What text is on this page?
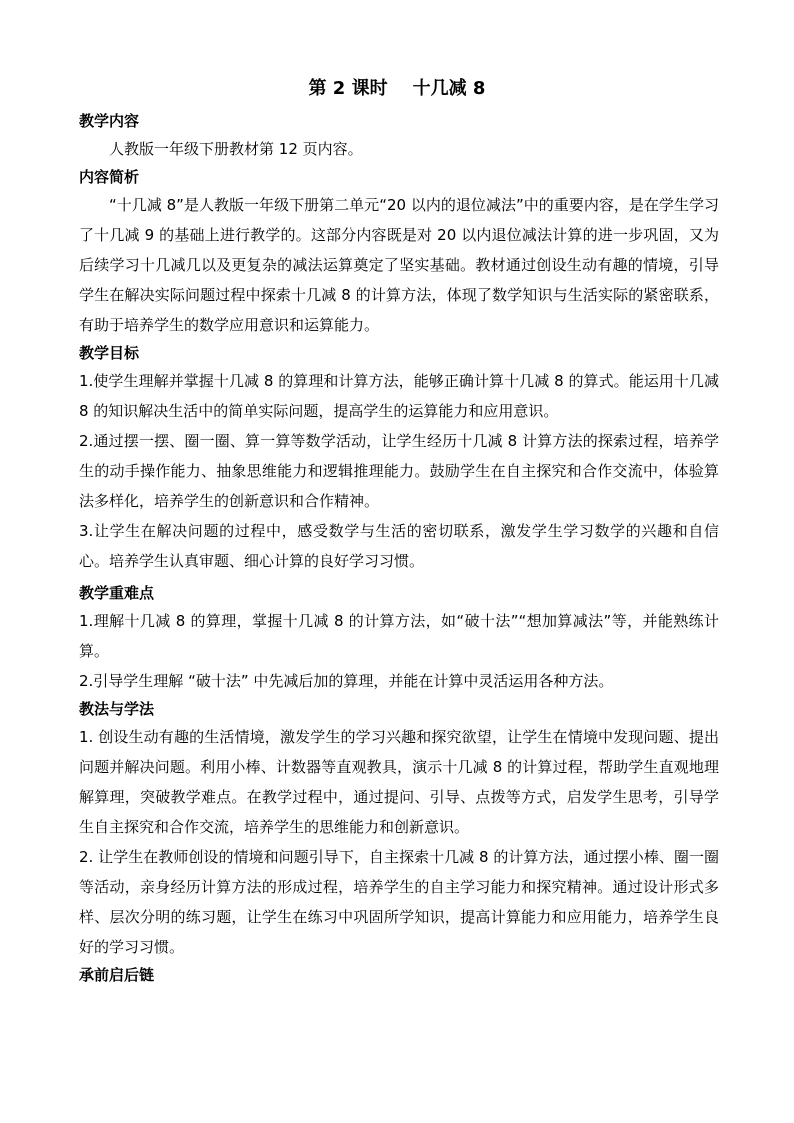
第 2 课时    十几减 8

教学内容

人教版一年级下册教材第 12 页内容。

内容简析

“十几减 8”是人教版一年级下册第二单元“20 以内的退位减法”中的重要内容，是在学生学习了十几减 9 的基础上进行教学的。这部分内容既是对 20 以内退位减法计算的进一步巩固，又为后续学习十几减几以及更复杂的减法运算奠定了坚实基础。教材通过创设生动有趣的情境，引导学生在解决实际问题过程中探索十几减 8 的计算方法，体现了数学知识与生活实际的紧密联系，有助于培养学生的数学应用意识和运算能力。

教学目标

1.使学生理解并掌握十几减 8 的算理和计算方法，能够正确计算十几减 8 的算式。能运用十几减 8 的知识解决生活中的简单实际问题，提高学生的运算能力和应用意识。

2.通过摆一摆、圈一圈、算一算等数学活动，让学生经历十几减 8 计算方法的探索过程，培养学生的动手操作能力、抽象思维能力和逻辑推理能力。鼓励学生在自主探究和合作交流中，体验算法多样化，培养学生的创新意识和合作精神。

3.让学生在解决问题的过程中，感受数学与生活的密切联系，激发学生学习数学的兴趣和自信心。培养学生认真审题、细心计算的良好学习习惯。

教学重难点

1.理解十几减 8 的算理，掌握十几减 8 的计算方法，如“破十法”“想加算减法”等，并能熟练计算。

2.引导学生理解 “破十法” 中先减后加的算理，并能在计算中灵活运用各种方法。

教法与学法

1. 创设生动有趣的生活情境，激发学生的学习兴趣和探究欲望，让学生在情境中发现问题、提出问题并解决问题。利用小棒、计数器等直观教具，演示十几减 8 的计算过程，帮助学生直观地理解算理，突破教学难点。在教学过程中，通过提问、引导、点拨等方式，启发学生思考，引导学生自主探究和合作交流，培养学生的思维能力和创新意识。

2. 让学生在教师创设的情境和问题引导下，自主探索十几减 8 的计算方法，通过摆小棒、圈一圈等活动，亲身经历计算方法的形成过程，培养学生的自主学习能力和探究精神。通过设计形式多样、层次分明的练习题，让学生在练习中巩固所学知识，提高计算能力和应用能力，培养学生良好的学习习惯。

承前启后链
